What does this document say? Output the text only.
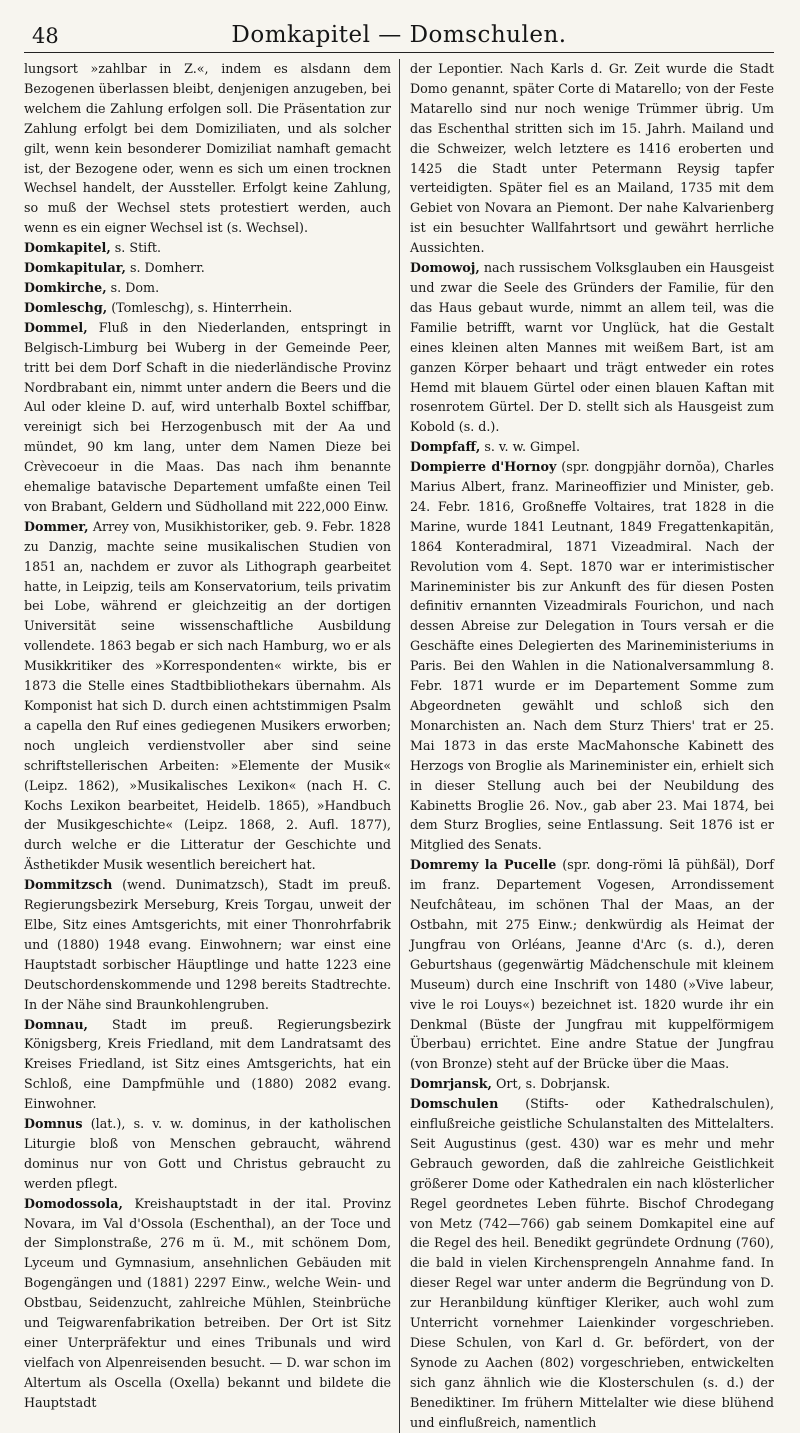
48	Domkapitel — Domschulen.

lungsort »zahlbar in Z.«, indem es alsdann dem Bezogenen überlassen bleibt, denjenigen anzugeben, bei welchem die Zahlung erfolgen soll. Die Präsentation zur Zahlung erfolgt bei dem Domiziliaten, und als solcher gilt, wenn kein besonderer Domiziliat namhaft gemacht ist, der Bezogene oder, wenn es sich um einen trocknen Wechsel handelt, der Aussteller. Erfolgt keine Zahlung, so muß der Wechsel stets protestiert werden, auch wenn es ein eigner Wechsel ist (s. Wechsel).

Domkapitel, s. Stift.

Domkapitular, s. Domherr.

Domkirche, s. Dom.

Domleschg, (Tomleschg), s. Hinterrhein.

Dommel, Fluß in den Niederlanden, entspringt in Belgisch-Limburg bei Wuberg in der Gemeinde Peer, tritt bei dem Dorf Schaft in die niederländische Provinz Nordbrabant ein, nimmt unter andern die Beers und die Aul oder kleine D. auf, wird unterhalb Boxtel schiffbar, vereinigt sich bei Herzogenbusch mit der Aa und mündet, 90 km lang, unter dem Namen Dieze bei Crèvecoeur in die Maas. Das nach ihm benannte ehemalige batavische Departement umfaßte einen Teil von Brabant, Geldern und Südholland mit 222,000 Einw.

Dommer, Arrey von, Musikhistoriker, geb. 9. Febr. 1828 zu Danzig, machte seine musikalischen Studien von 1851 an, nachdem er zuvor als Lithograph gearbeitet hatte, in Leipzig, teils am Konservatorium, teils privatim bei Lobe, während er gleichzeitig an der dortigen Universität seine wissenschaftliche Ausbildung vollendete. 1863 begab er sich nach Hamburg, wo er als Musikkritiker des »Korrespondenten« wirkte, bis er 1873 die Stelle eines Stadtbibliothekars übernahm. Als Komponist hat sich D. durch einen achtstimmigen Psalm a capella den Ruf eines gediegenen Musikers erworben; noch ungleich verdienstvoller aber sind seine schriftstellerischen Arbeiten: »Elemente der Musik« (Leipz. 1862), »Musikalisches Lexikon« (nach H. C. Kochs Lexikon bearbeitet, Heidelb. 1865), »Handbuch der Musikgeschichte« (Leipz. 1868, 2. Aufl. 1877), durch welche er die Litteratur der Geschichte und Ästhetikder Musik wesentlich bereichert hat.

Dommitzsch (wend. Dunimatzsch), Stadt im preuß. Regierungsbezirk Merseburg, Kreis Torgau, unweit der Elbe, Sitz eines Amtsgerichts, mit einer Thonrohrfabrik und (1880) 1948 evang. Einwohnern; war einst eine Hauptstadt sorbischer Häuptlinge und hatte 1223 eine Deutschordenskommende und 1298 bereits Stadtrechte. In der Nähe sind Braunkohlengruben.

Domnau, Stadt im preuß. Regierungsbezirk Königsberg, Kreis Friedland, mit dem Landratsamt des Kreises Friedland, ist Sitz eines Amtsgerichts, hat ein Schloß, eine Dampfmühle und (1880) 2082 evang. Einwohner.

Domnus (lat.), s. v. w. dominus, in der katholischen Liturgie bloß von Menschen gebraucht, während dominus nur von Gott und Christus gebraucht zu werden pflegt.

Domodossola, Kreishauptstadt in der ital. Provinz Novara, im Val d'Ossola (Eschenthal), an der Toce und der Simplonstraße, 276 m ü. M., mit schönem Dom, Lyceum und Gymnasium, ansehnlichen Gebäuden mit Bogengängen und (1881) 2297 Einw., welche Wein- und Obstbau, Seidenzucht, zahlreiche Mühlen, Steinbrüche und Teigwarenfabrikation betreiben. Der Ort ist Sitz einer Unterpräfektur und eines Tribunals und wird vielfach von Alpenreisenden besucht. — D. war schon im Altertum als Oscella (Oxella) bekannt und bildete die Hauptstadt

der Lepontier. Nach Karls d. Gr. Zeit wurde die Stadt Domo genannt, später Corte di Matarello; von der Feste Matarello sind nur noch wenige Trümmer übrig. Um das Eschenthal stritten sich im 15. Jahrh. Mailand und die Schweizer, welch letztere es 1416 eroberten und 1425 die Stadt unter Petermann Reysig tapfer verteidigten. Später fiel es an Mailand, 1735 mit dem Gebiet von Novara an Piemont. Der nahe Kalvarienberg ist ein besuchter Wallfahrtsort und gewährt herrliche Aussichten.

Domowoj, nach russischem Volksglauben ein Hausgeist und zwar die Seele des Gründers der Familie, für den das Haus gebaut wurde, nimmt an allem teil, was die Familie betrifft, warnt vor Unglück, hat die Gestalt eines kleinen alten Mannes mit weißem Bart, ist am ganzen Körper behaart und trägt entweder ein rotes Hemd mit blauem Gürtel oder einen blauen Kaftan mit rosenrotem Gürtel. Der D. stellt sich als Hausgeist zum Kobold (s. d.).

Dompfaff, s. v. w. Gimpel.

Dompierre d'Hornoy (spr. dongpjähr dornŏa), Charles Marius Albert, franz. Marineoffizier und Minister, geb. 24. Febr. 1816, Großneffe Voltaires, trat 1828 in die Marine, wurde 1841 Leutnant, 1849 Fregattenkapitän, 1864 Konteradmiral, 1871 Vizeadmiral. Nach der Revolution vom 4. Sept. 1870 war er interimistischer Marineminister bis zur Ankunft des für diesen Posten definitiv ernannten Vizeadmirals Fourichon, und nach dessen Abreise zur Delegation in Tours versah er die Geschäfte eines Delegierten des Marineministeriums in Paris. Bei den Wahlen in die Nationalversammlung 8. Febr. 1871 wurde er im Departement Somme zum Abgeordneten gewählt und schloß sich den Monarchisten an. Nach dem Sturz Thiers' trat er 25. Mai 1873 in das erste MacMahonsche Kabinett des Herzogs von Broglie als Marineminister ein, erhielt sich in dieser Stellung auch bei der Neubildung des Kabinetts Broglie 26. Nov., gab aber 23. Mai 1874, bei dem Sturz Broglies, seine Entlassung. Seit 1876 ist er Mitglied des Senats.

Domremy la Pucelle (spr. dong-römi lā pühßäl), Dorf im franz. Departement Vogesen, Arrondissement Neufchâteau, im schönen Thal der Maas, an der Ostbahn, mit 275 Einw.; denkwürdig als Heimat der Jungfrau von Orléans, Jeanne d'Arc (s. d.), deren Geburtshaus (gegenwärtig Mädchenschule mit kleinem Museum) durch eine Inschrift von 1480 (»Vive labeur, vive le roi Louys«) bezeichnet ist. 1820 wurde ihr ein Denkmal (Büste der Jungfrau mit kuppelförmigem Überbau) errichtet. Eine andre Statue der Jungfrau (von Bronze) steht auf der Brücke über die Maas.

Domrjansk, Ort, s. Dobrjansk.

Domschulen (Stifts- oder Kathedralschulen), einflußreiche geistliche Schulanstalten des Mittelalters. Seit Augustinus (gest. 430) war es mehr und mehr Gebrauch geworden, daß die zahlreiche Geistlichkeit größerer Dome oder Kathedralen ein nach klösterlicher Regel geordnetes Leben führte. Bischof Chrodegang von Metz (742—766) gab seinem Domkapitel eine auf die Regel des heil. Benedikt gegründete Ordnung (760), die bald in vielen Kirchensprengeln Annahme fand. In dieser Regel war unter anderm die Begründung von D. zur Heranbildung künftiger Kleriker, auch wohl zum Unterricht vornehmer Laienkinder vorgeschrieben. Diese Schulen, von Karl d. Gr. befördert, von der Synode zu Aachen (802) vorgeschrieben, entwickelten sich ganz ähnlich wie die Klosterschulen (s. d.) der Benediktiner. Im frühern Mittelalter wie diese blühend und einflußreich, namentlich
